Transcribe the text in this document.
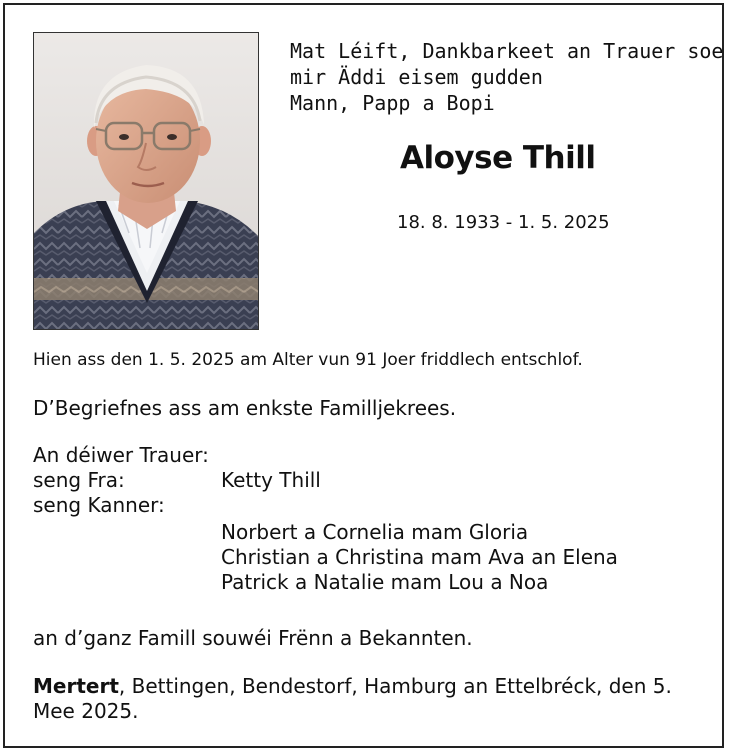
Mat Léift, Dankbarkeet an Trauer soe
mir Äddi eisem gudden
Mann, Papp a Bopi
Aloyse Thill
18. 8. 1933 - 1. 5. 2025
Hien ass den 1. 5. 2025 am Alter vun 91 Joer friddlech entschlof.
D’Begriefnes ass am enkste Familljekrees.
An déiwer Trauer:
seng Fra:	Ketty Thill
seng Kanner:
Norbert a Cornelia mam Gloria
Christian a Christina mam Ava an Elena
Patrick a Natalie mam Lou a Noa
an d’ganz Famill souwéi Frënn a Bekannten.
Mertert, Bettingen, Bendestorf, Hamburg an Ettelbréck, den 5. Mee 2025.
